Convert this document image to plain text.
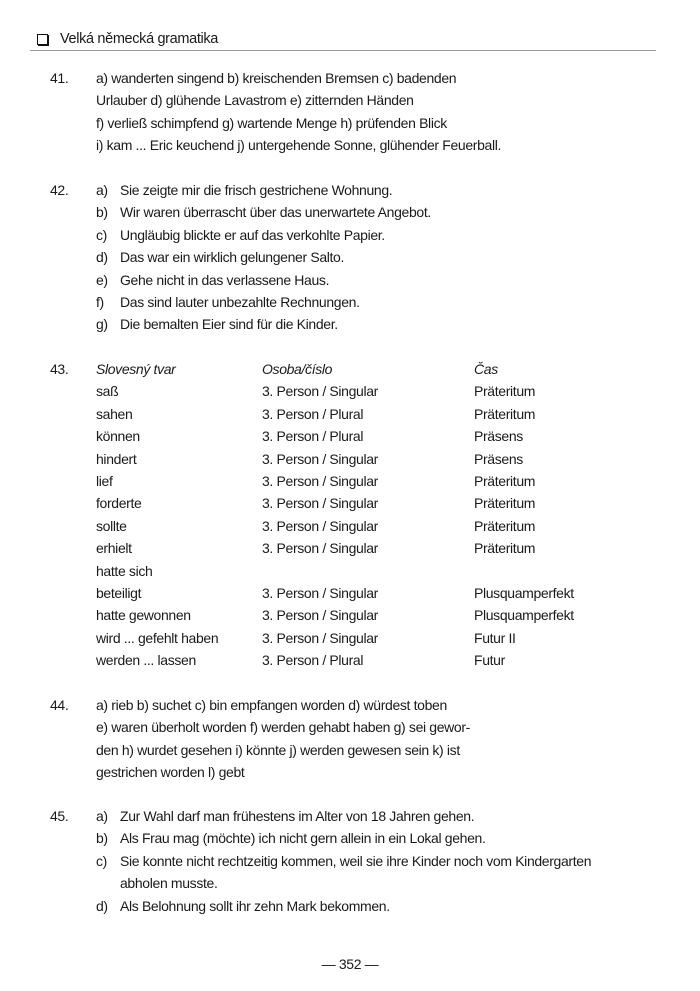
Velká německá gramatika
41. a) wanderten singend b) kreischenden Bremsen c) badenden
Urlauber d) glühende Lavastrom e) zitternden Händen
f) verließ schimpfend g) wartende Menge h) prüfenden Blick
i) kam ... Eric keuchend j) untergehende Sonne, glühender Feuerball.
42. a) Sie zeigte mir die frisch gestrichene Wohnung.
b) Wir waren überrascht über das unerwartete Angebot.
c) Ungläubig blickte er auf das verkohlte Papier.
d) Das war ein wirklich gelungener Salto.
e) Gehe nicht in das verlassene Haus.
f)	Das sind lauter unbezahlte Rechnungen.
g) Die bemalten Eier sind für die Kinder.
43. Slovesný tvar	Osoba/číslo	Čas
saß	3. Person / Singular	Präteritum
sahen	3. Person / Plural	Präteritum
können	3. Person / Plural	Präsens
hindert	3. Person / Singular	Präsens
lief	3. Person / Singular	Präteritum
forderte	3. Person / Singular	Präteritum
sollte	3. Person / Singular	Präteritum
erhielt	3. Person / Singular	Präteritum
hatte sich
beteiligt	3. Person / Singular	Plusquamperfekt
hatte gewonnen	3. Person / Singular	Plusquamperfekt
wird ... gefehlt haben	3. Person / Singular	Futur II
werden ... lassen	3. Person / Plural	Futur
44. a) rieb b) suchet c) bin empfangen worden d) würdest toben
e) waren überholt worden f) werden gehabt haben g) sei gewor-
den h) wurdet gesehen i) könnte j) werden gewesen sein k) ist
gestrichen worden l) gebt
45. a) Zur Wahl darf man frühestens im Alter von 18 Jahren gehen.
b) Als Frau mag (möchte) ich nicht gern allein in ein Lokal gehen.
c) Sie konnte nicht rechtzeitig kommen, weil sie ihre Kinder noch vom Kindergarten abholen musste.
d) Als Belohnung sollt ihr zehn Mark bekommen.
— 352 —
